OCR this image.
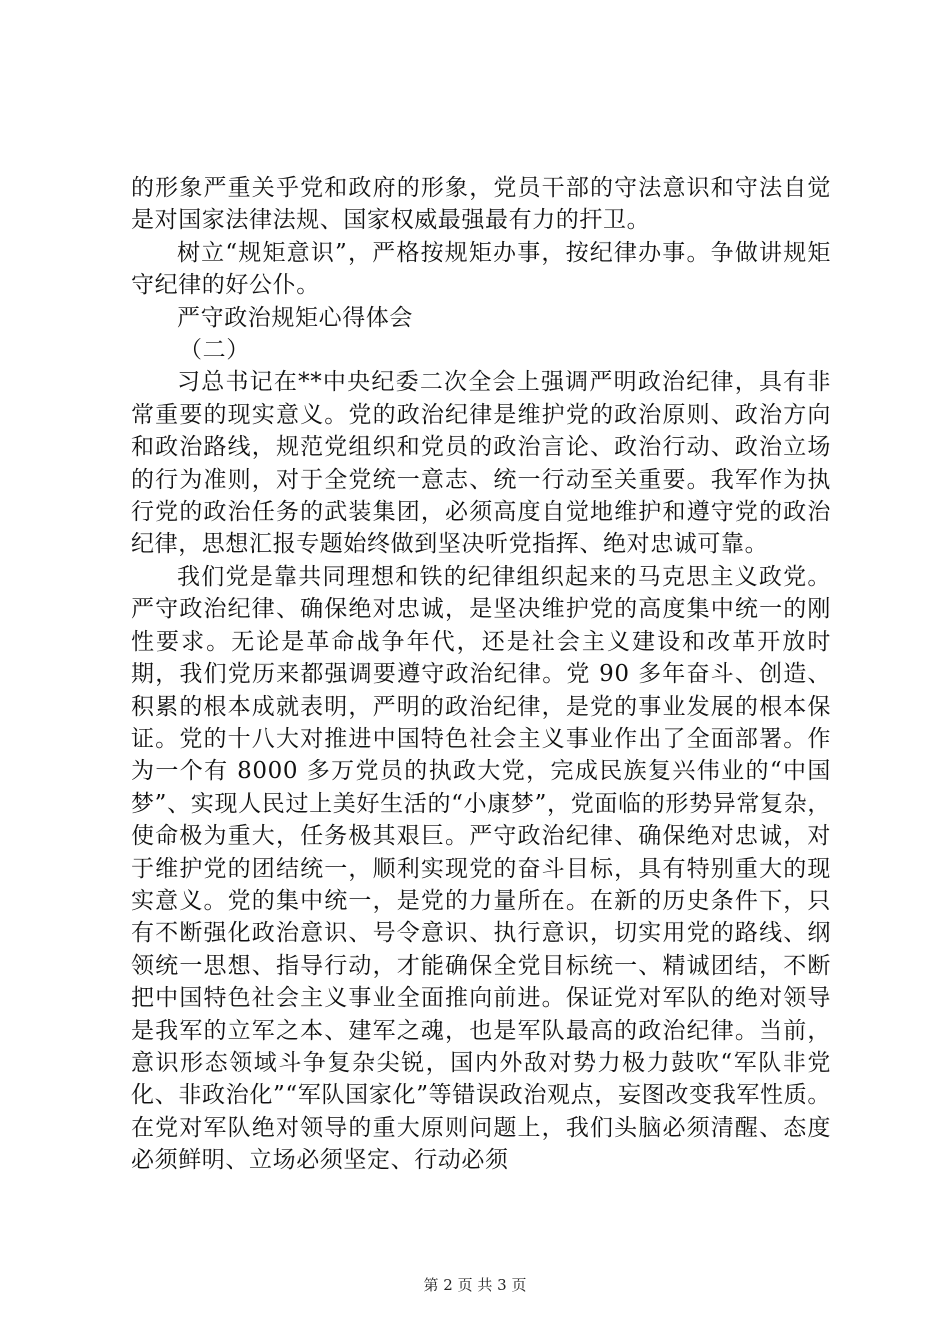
的形象严重关乎党和政府的形象，党员干部的守法意识和守法自觉是对国家法律法规、国家权威最强最有力的扞卫。

树立“规矩意识”，严格按规矩办事，按纪律办事。争做讲规矩守纪律的好公仆。

严守政治规矩心得体会

（二）

习总书记在**中央纪委二次全会上强调严明政治纪律，具有非常重要的现实意义。党的政治纪律是维护党的政治原则、政治方向和政治路线，规范党组织和党员的政治言论、政治行动、政治立场的行为准则，对于全党统一意志、统一行动至关重要。我军作为执行党的政治任务的武装集团，必须高度自觉地维护和遵守党的政治纪律，思想汇报专题始终做到坚决听党指挥、绝对忠诚可靠。

我们党是靠共同理想和铁的纪律组织起来的马克思主义政党。严守政治纪律、确保绝对忠诚，是坚决维护党的高度集中统一的刚性要求。无论是革命战争年代，还是社会主义建设和改革开放时期，我们党历来都强调要遵守政治纪律。党 90 多年奋斗、创造、积累的根本成就表明，严明的政治纪律，是党的事业发展的根本保证。党的十八大对推进中国特色社会主义事业作出了全面部署。作为一个有 8000 多万党员的执政大党，完成民族复兴伟业的“中国梦”、实现人民过上美好生活的“小康梦”，党面临的形势异常复杂，使命极为重大，任务极其艰巨。严守政治纪律、确保绝对忠诚，对于维护党的团结统一，顺利实现党的奋斗目标，具有特别重大的现实意义。党的集中统一，是党的力量所在。在新的历史条件下，只有不断强化政治意识、号令意识、执行意识，切实用党的路线、纲领统一思想、指导行动，才能确保全党目标统一、精诚团结，不断把中国特色社会主义事业全面推向前进。保证党对军队的绝对领导是我军的立军之本、建军之魂，也是军队最高的政治纪律。当前，意识形态领域斗争复杂尖锐，国内外敌对势力极力鼓吹“军队非党化、非政治化”“军队国家化”等错误政治观点，妄图改变我军性质。在党对军队绝对领导的重大原则问题上，我们头脑必须清醒、态度必须鲜明、立场必须坚定、行动必须

第 2 页 共 3 页
